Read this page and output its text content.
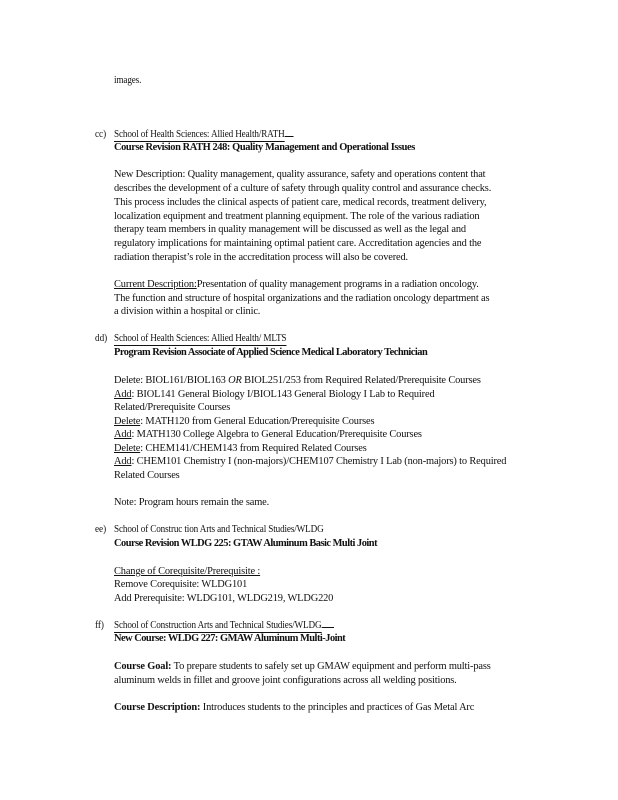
images.
cc) School of Health Sciences: Allied Health/RATH
Course Revision RATH 248: Quality Management and Operational Issues
New Description: Quality management, quality assurance, safety and operations content that
describes the development of a culture of safety through quality control and assurance checks.
This process includes the clinical aspects of patient care, medical records, treatment delivery,
localization equipment and treatment planning equipment. The role of the various radiation
therapy team members in quality management will be discussed as well as the legal and
regulatory implications for maintaining optimal patient care. Accreditation agencies and the
radiation therapist’s role in the accreditation process will also be covered.
Current Description:Presentation of quality management programs in a radiation oncology.
The function and structure of hospital organizations and the radiation oncology department as
a division within a hospital or clinic.
dd) School of Health Sciences: Allied Health/ MLTS
Program Revision Associate of Applied Science Medical Laboratory Technician
Delete: BIOL161/BIOL163 OR BIOL251/253 from Required Related/Prerequisite Courses
Add: BIOL141 General Biology I/BIOL143 General Biology I Lab to Required
Related/Prerequisite Courses
Delete: MATH120 from General Education/Prerequisite Courses
Add: MATH130 College Algebra to General Education/Prerequisite Courses
Delete: CHEM141/CHEM143 from Required Related Courses
Add: CHEM101 Chemistry I (non-majors)/CHEM107 Chemistry I Lab (non-majors) to Required
Related Courses
Note: Program hours remain the same.
ee) School of Construc tion Arts and Technical Studies/WLDG
Course Revision WLDG 225: GTAW Aluminum Basic Multi Joint
Change of Corequisite/Prerequisite :
Remove Corequisite: WLDG101
Add Prerequisite: WLDG101, WLDG219, WLDG220
ff) School of Construction Arts and Technical Studies/WLDG
New Course: WLDG 227: GMAW Aluminum Multi-Joint
Course Goal: To prepare students to safely set up GMAW equipment and perform multi-pass
aluminum welds in fillet and groove joint configurations across all welding positions.
Course Description: Introduces students to the principles and practices of Gas Metal Arc
